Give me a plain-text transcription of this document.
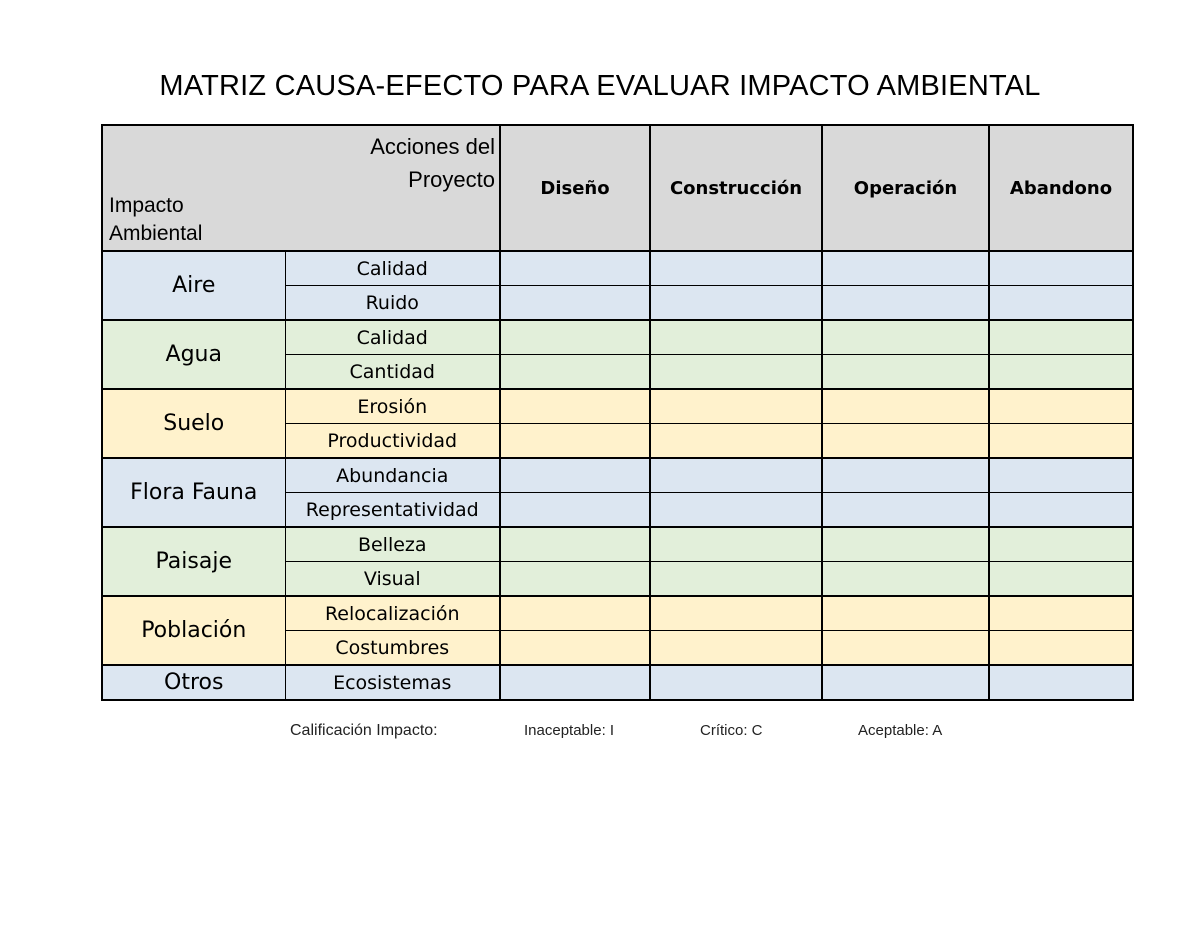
MATRIZ CAUSA-EFECTO PARA EVALUAR IMPACTO AMBIENTAL
Acciones del
Proyecto
Impacto
Ambiental		Diseño	Construcción	Operación	Abandono
Aire	Calidad				
	Ruido				
Agua	Calidad				
	Cantidad				
Suelo	Erosión				
	Productividad				
Flora Fauna	Abundancia				
	Representatividad				
Paisaje	Belleza				
	Visual				
Población	Relocalización				
	Costumbres				
Otros	Ecosistemas				
Calificación Impacto:	Inaceptable: I	Crítico: C	Aceptable: A
